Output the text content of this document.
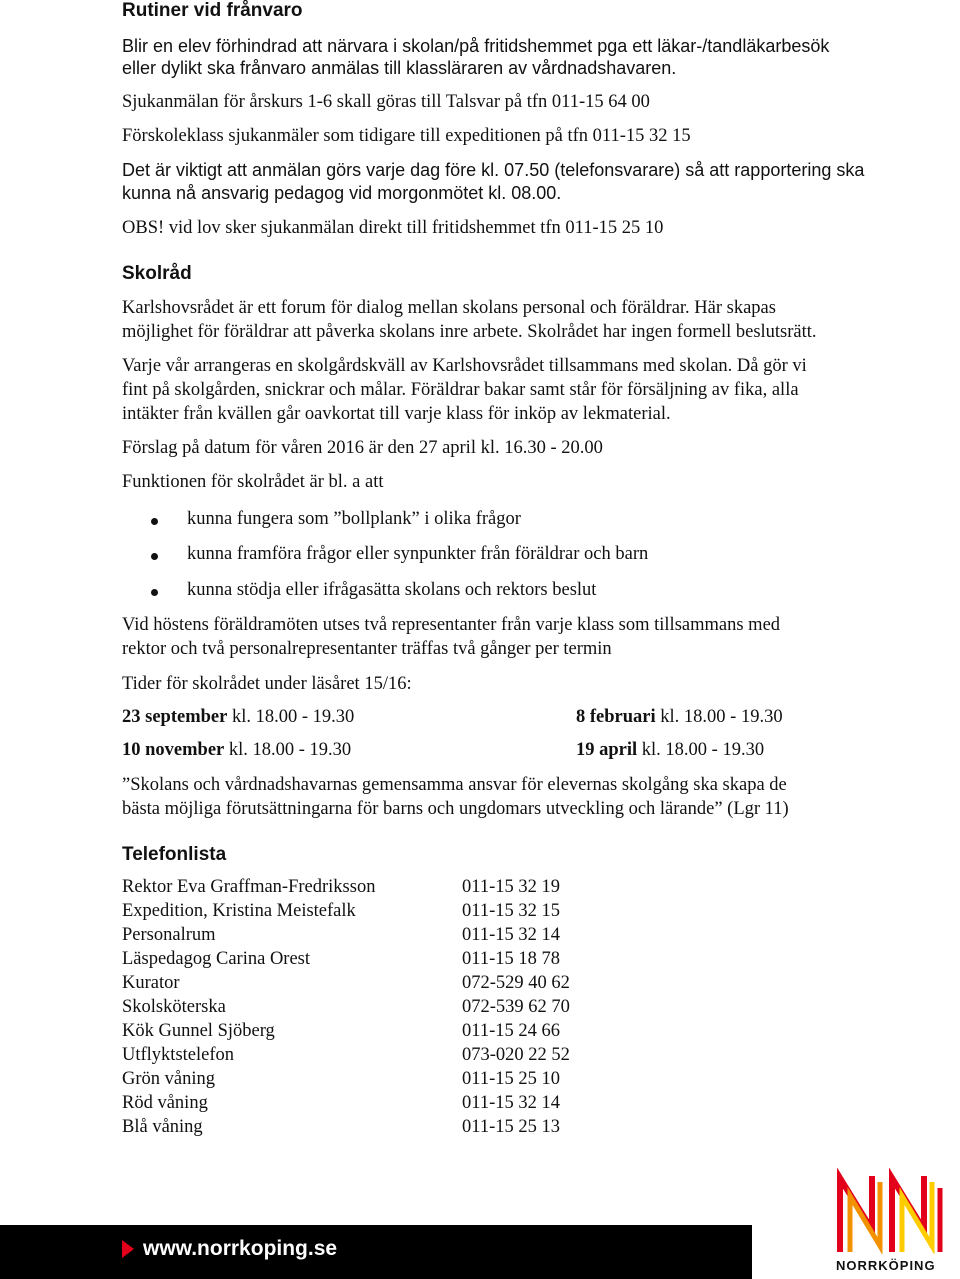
Rutiner vid frånvaro
Blir en elev förhindrad att närvara i skolan/på fritidshemmet pga ett läkar-/tandläkarbesök
eller dylikt ska frånvaro anmälas till klassläraren av vårdnadshavaren.
Sjukanmälan för årskurs 1-6 skall göras till Talsvar på tfn 011-15 64 00
Förskoleklass sjukanmäler som tidigare till expeditionen på tfn 011-15 32 15
Det är viktigt att anmälan görs varje dag före kl. 07.50 (telefonsvarare) så att rapportering ska
kunna nå ansvarig pedagog vid morgonmötet kl. 08.00.
OBS! vid lov sker sjukanmälan direkt till fritidshemmet tfn 011-15 25 10
Skolråd
Karlshovsrådet är ett forum för dialog mellan skolans personal och föräldrar. Här skapas
möjlighet för föräldrar att påverka skolans inre arbete. Skolrådet har ingen formell beslutsrätt.
Varje vår arrangeras en skolgårdskväll av Karlshovsrådet tillsammans med skolan. Då gör vi
fint på skolgården, snickrar och målar. Föräldrar bakar samt står för försäljning av fika, alla
intäkter från kvällen går oavkortat till varje klass för inköp av lekmaterial.
Förslag på datum för våren 2016 är den 27 april kl. 16.30 - 20.00
Funktionen för skolrådet är bl. a att
kunna fungera som ”bollplank” i olika frågor
kunna framföra frågor eller synpunkter från föräldrar och barn
kunna stödja eller ifrågasätta skolans och rektors beslut
Vid höstens föräldramöten utses två representanter från varje klass som tillsammans med
rektor och två personalrepresentanter träffas två gånger per termin
Tider för skolrådet under läsåret 15/16:
23 september kl. 18.00 - 19.30	8 februari kl. 18.00 - 19.30
10 november kl. 18.00 - 19.30	19 april kl. 18.00 - 19.30
”Skolans och vårdnadshavarnas gemensamma ansvar för elevernas skolgång ska skapa de
bästa möjliga förutsättningarna för barns och ungdomars utveckling och lärande” (Lgr 11)
Telefonlista
Rektor Eva Graffman-Fredriksson	011-15 32 19
Expedition, Kristina Meistefalk	011-15 32 15
Personalrum	011-15 32 14
Läspedagog Carina Orest	011-15 18 78
Kurator	072-529 40 62
Skolsköterska	072-539 62 70
Kök Gunnel Sjöberg	011-15 24 66
Utflyktstelefon	073-020 22 52
Grön våning	011-15 25 10
Röd våning	011-15 32 14
Blå våning	011-15 25 13
www.norrkoping.se
NORRKÖPING
